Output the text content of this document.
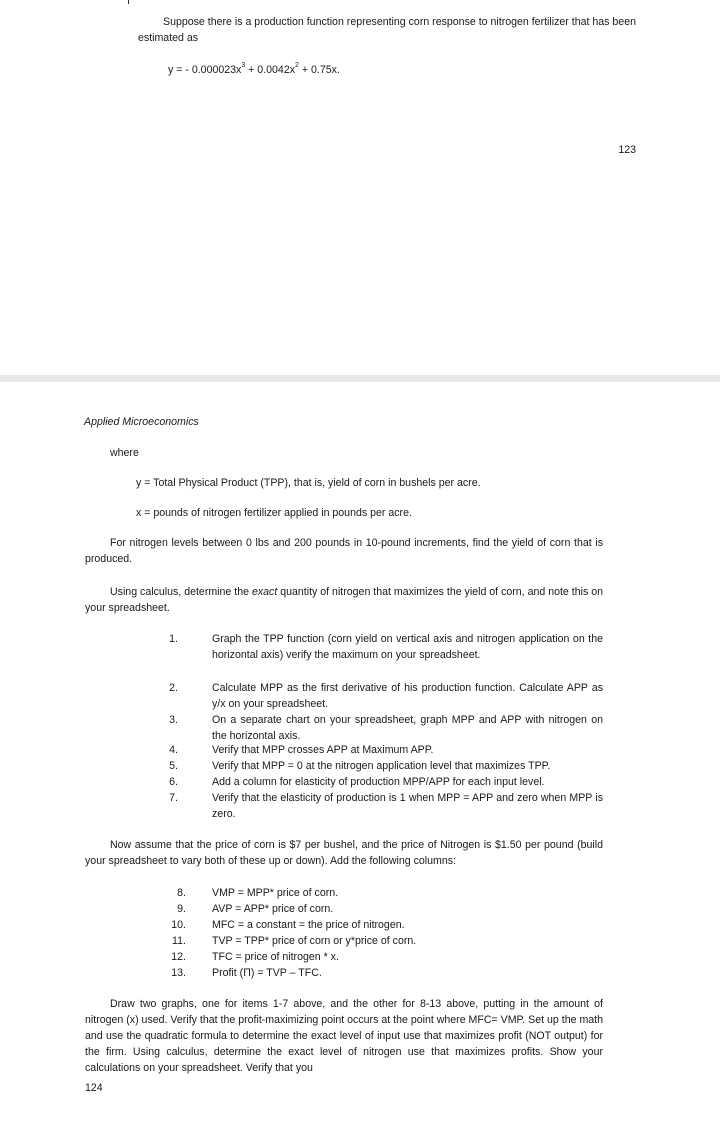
Suppose there is a production function representing corn response to nitrogen fertilizer that has been estimated as
y = - $0.000023x^3 + 0.0042x^2 + 0.75x$.
123
Applied Microeconomics
where
y = Total Physical Product (TPP), that is, yield of corn in bushels per acre.
x = pounds of nitrogen fertilizer applied in pounds per acre.
For nitrogen levels between 0 lbs and 200 pounds in 10-pound increments, find the yield of corn that is produced.
Using calculus, determine the exact quantity of nitrogen that maximizes the yield of corn, and note this on your spreadsheet.
1.	Graph the TPP function (corn yield on vertical axis and nitrogen application on the horizontal axis) verify the maximum on your spreadsheet.
2.	Calculate MPP as the first derivative of his production function. Calculate APP as y/x on your spreadsheet.
3.	On a separate chart on your spreadsheet, graph MPP and APP with nitrogen on the horizontal axis.
4.	Verify that MPP crosses APP at Maximum APP.
5.	Verify that MPP = 0 at the nitrogen application level that maximizes TPP.
6.	Add a column for elasticity of production MPP/APP for each input level.
7.	Verify that the elasticity of production is 1 when MPP = APP and zero when MPP is zero.
Now assume that the price of corn is $7 per bushel, and the price of Nitrogen is $1.50 per pound (build your spreadsheet to vary both of these up or down). Add the following columns:
8. VMP = MPP* price of corn.
9. AVP = APP* price of corn.
10. MFC = a constant = the price of nitrogen.
11. TVP = TPP* price of corn or y*price of corn.
12. TFC = price of nitrogen * x.
13. Profit (Π) = TVP – TFC.
Draw two graphs, one for items 1-7 above, and the other for 8-13 above, putting in the amount of nitrogen (x) used. Verify that the profit-maximizing point occurs at the point where MFC= VMP. Set up the math and use the quadratic formula to determine the exact level of input use that maximizes profit (NOT output) for the firm. Using calculus, determine the exact level of nitrogen use that maximizes profits. Show your calculations on your spreadsheet. Verify that you
124
